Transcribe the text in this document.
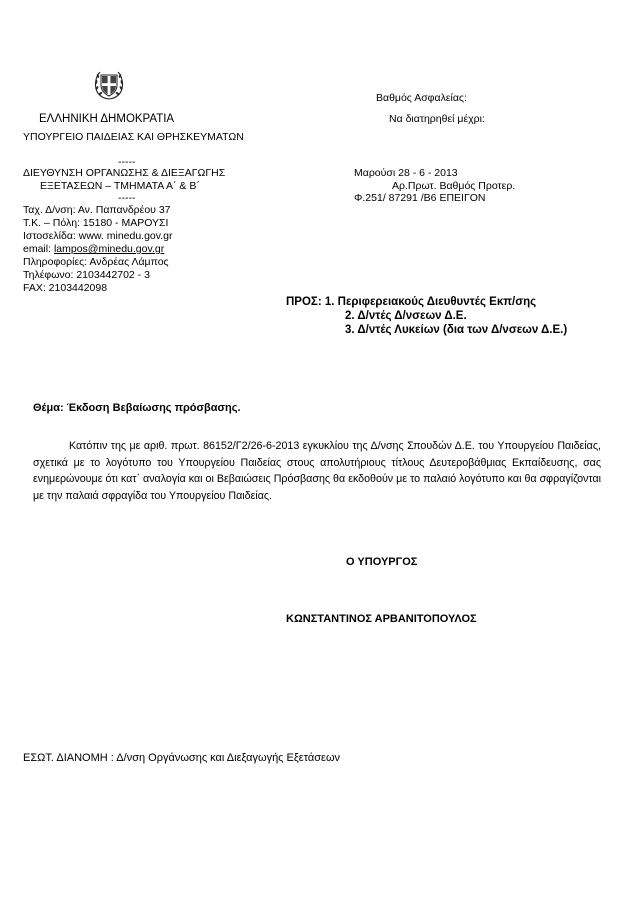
ΕΛΛΗΝΙΚΗ ΔΗΜΟΚΡΑΤΙΑ
ΥΠΟΥΡΓΕΙΟ ΠΑΙΔΕΙΑΣ ΚΑΙ ΘΡΗΣΚΕΥΜΑΤΩΝ
-----
ΔΙΕΥΘΥΝΣΗ ΟΡΓΑΝΩΣΗΣ & ΔΙΕΞΑΓΩΓΗΣ
ΕΞΕΤΑΣΕΩΝ – ΤΜΗΜΑΤΑ Α΄ & Β΄
-----
Ταχ. Δ/νση: Αν. Παπανδρέου 37
Τ.Κ. – Πόλη: 15180 - ΜΑΡΟΥΣΙ
Ιστοσελίδα: www. minedu.gov.gr
email: lampos@minedu.gov.gr
Πληροφορίες: Ανδρέας Λάμπος
Τηλέφωνο: 2103442702 - 3
FAX: 2103442098
Βαθμός Ασφαλείας:
Να διατηρηθεί μέχρι:
Μαρούσι 28 - 6 - 2013
Αρ.Πρωτ. Βαθμός Προτερ.
Φ.251/ 87291 /Β6 ΕΠΕΙΓΟΝ
ΠΡΟΣ: 1. Περιφερειακούς Διευθυντές Εκπ/σης
2. Δ/ντές Δ/νσεων Δ.Ε.
3. Δ/ντές Λυκείων (δια των Δ/νσεων Δ.Ε.)
Θέμα: Έκδοση Βεβαίωσης πρόσβασης.

Κατόπιν της με αριθ. πρωτ. 86152/Γ2/26-6-2013 εγκυκλίου της Δ/νσης Σπουδών Δ.Ε. του Υπουργείου Παιδείας, σχετικά με το λογότυπο του Υπουργείου Παιδείας στους απολυτήριους τίτλους Δευτεροβάθμιας Εκπαίδευσης, σας ενημερώνουμε ότι κατ΄ αναλογία και οι Βεβαιώσεις Πρόσβασης θα εκδοθούν με το παλαιό λογότυπο και θα σφραγίζονται με την παλαιά σφραγίδα του Υπουργείου Παιδείας.

Ο ΥΠΟΥΡΓΟΣ
ΚΩΝΣΤΑΝΤΙΝΟΣ ΑΡΒΑΝΙΤΟΠΟΥΛΟΣ
ΕΣΩΤ. ΔΙΑΝΟΜΗ : Δ/νση Οργάνωσης και Διεξαγωγής Εξετάσεων
